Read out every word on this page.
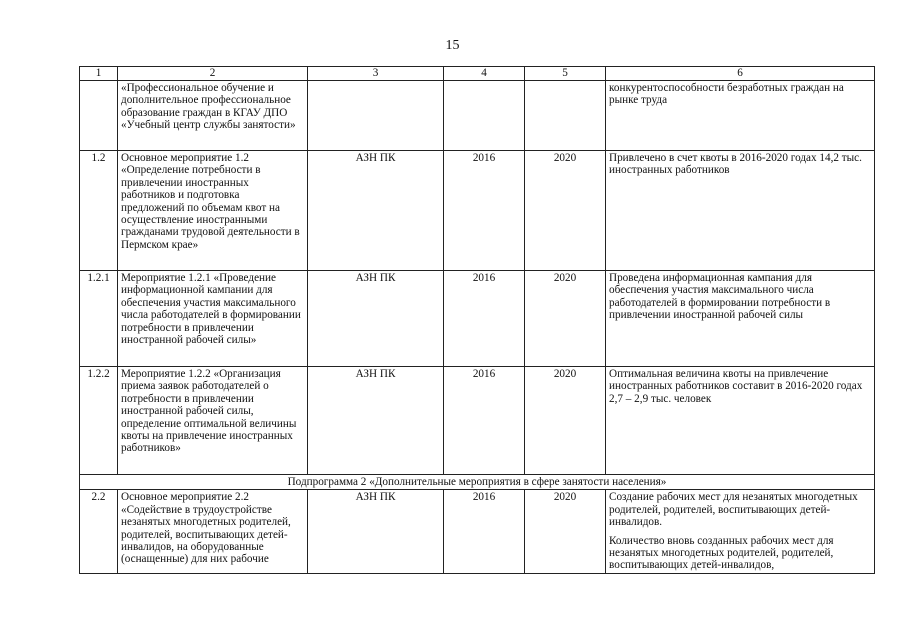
15
1	2	3	4	5	6
	«Профессиональное обучение и дополнительное профессиональное образование граждан в КГАУ ДПО «Учебный центр службы занятости»				конкурентоспособности безработных граждан на рынке труда

1.2	Основное мероприятие 1.2 «Определение потребности в привлечении иностранных работников и подготовка предложений по объемам квот на осуществление иностранными гражданами трудовой деятельности в Пермском крае»	АЗН ПК	2016	2020	Привлечено в счет квоты в 2016-2020 годах 14,2 тыс. иностранных работников

1.2.1	Мероприятие 1.2.1 «Проведение информационной кампании для обеспечения участия максимального числа работодателей в формировании потребности в привлечении иностранной рабочей силы»	АЗН ПК	2016	2020	Проведена информационная кампания для обеспечения участия максимального числа работодателей в формировании потребности в привлечении иностранной рабочей силы

1.2.2	Мероприятие 1.2.2 «Организация приема заявок работодателей о потребности в привлечении иностранной рабочей силы, определение оптимальной величины квоты на привлечение иностранных работников»	АЗН ПК	2016	2020	Оптимальная величина квоты на привлечение иностранных работников составит в 2016-2020 годах 2,7 – 2,9 тыс. человек

Подпрограмма 2 «Дополнительные мероприятия в сфере занятости населения»					
2.2	Основное мероприятие 2.2 «Содействие в трудоустройстве незанятых многодетных родителей, родителей, воспитывающих детей-инвалидов, на оборудованные (оснащенные) для них рабочие	АЗН ПК	2016	2020	Создание рабочих мест для незанятых многодетных родителей, родителей, воспитывающих детей-инвалидов.

Количество вновь созданных рабочих мест для незанятых многодетных родителей, родителей, воспитывающих детей-инвалидов,
